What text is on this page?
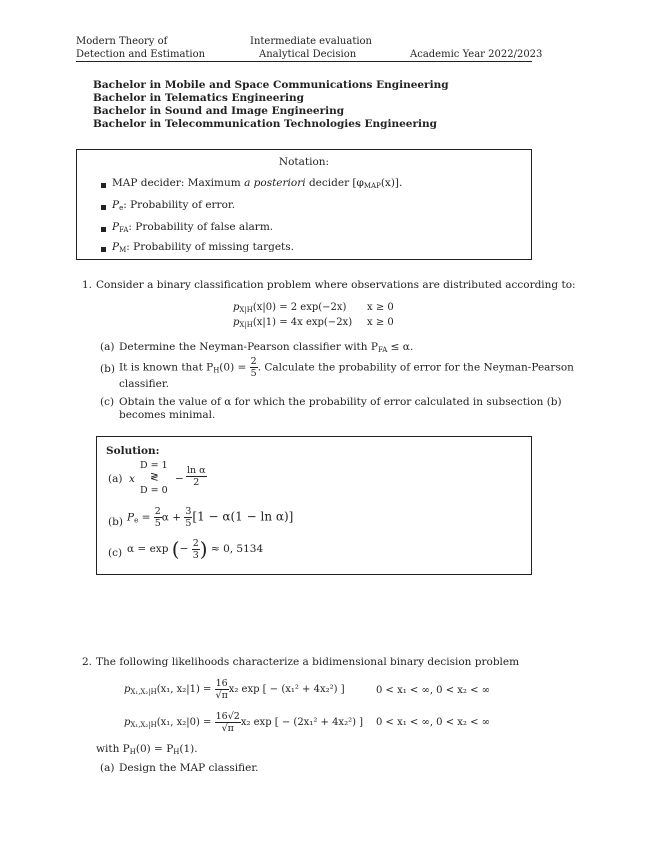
Modern Theory of
Detection and Estimation
Intermediate evaluation
Analytical Decision	Academic Year 2022/2023
Bachelor in Mobile and Space Communications Engineering
Bachelor in Telematics Engineering
Bachelor in Sound and Image Engineering
Bachelor in Telecommunication Technologies Engineering
Notation:
MAP decider: Maximum a posteriori decider $[\varphi_{MAP}(x)]$.
$P_e$: Probability of error.
$P_{FA}$: Probability of false alarm.
$P_M$: Probability of missing targets.
1. Consider a binary classification problem where observations are distributed according to:
$p_{X|H}(x|0) = 2$ exp(−2x) x ≥ 0
$p_{X|H}(x|1) = 4x$ exp(−2x) x ≥ 0
(a) Determine the Neyman-Pearson classifier with $P_{FA} \le \alpha$.
(b) It is known that $P_H(0) = \frac{2}{5}$ . Calculate the probability of error for the Neyman-Pearson
classifier.
(c) Obtain the value of α for which the probability of error calculated in subsection (b)
becomes minimal.
Solution:
(a) x
D = 1
≷
D = 0
− $\frac{\text{ln α}}{2}$
(b) $P_e = \frac{2}{5}$ $\alpha + \frac{3}{5} [1 - \alpha(1 - \ln \alpha)]$
(c) α = exp (− $\frac{2}{3}$ ) ≈ 0, 5134
2. The following likelihoods characterize a bidimensional binary decision problem
$p_{X_1,X_2|H}(x_1$, $x_2|1) = \frac{16}{√\pi} x_2$ exp [ − (x₁² + 4x₂²) ]	0 < x₁ < ∞, 0 < x₂ < ∞
$p_{X_1,X_2|H}(x_1$, $x_2|0) = \frac{16√2}{√\pi} x_2$ exp [ − (2x₁² + 4x₂²) ] 0 < x₁ < ∞, 0 < x₂ < ∞
with $P_H(0) = P_H(1)$.
(a) Design the MAP classifier.
